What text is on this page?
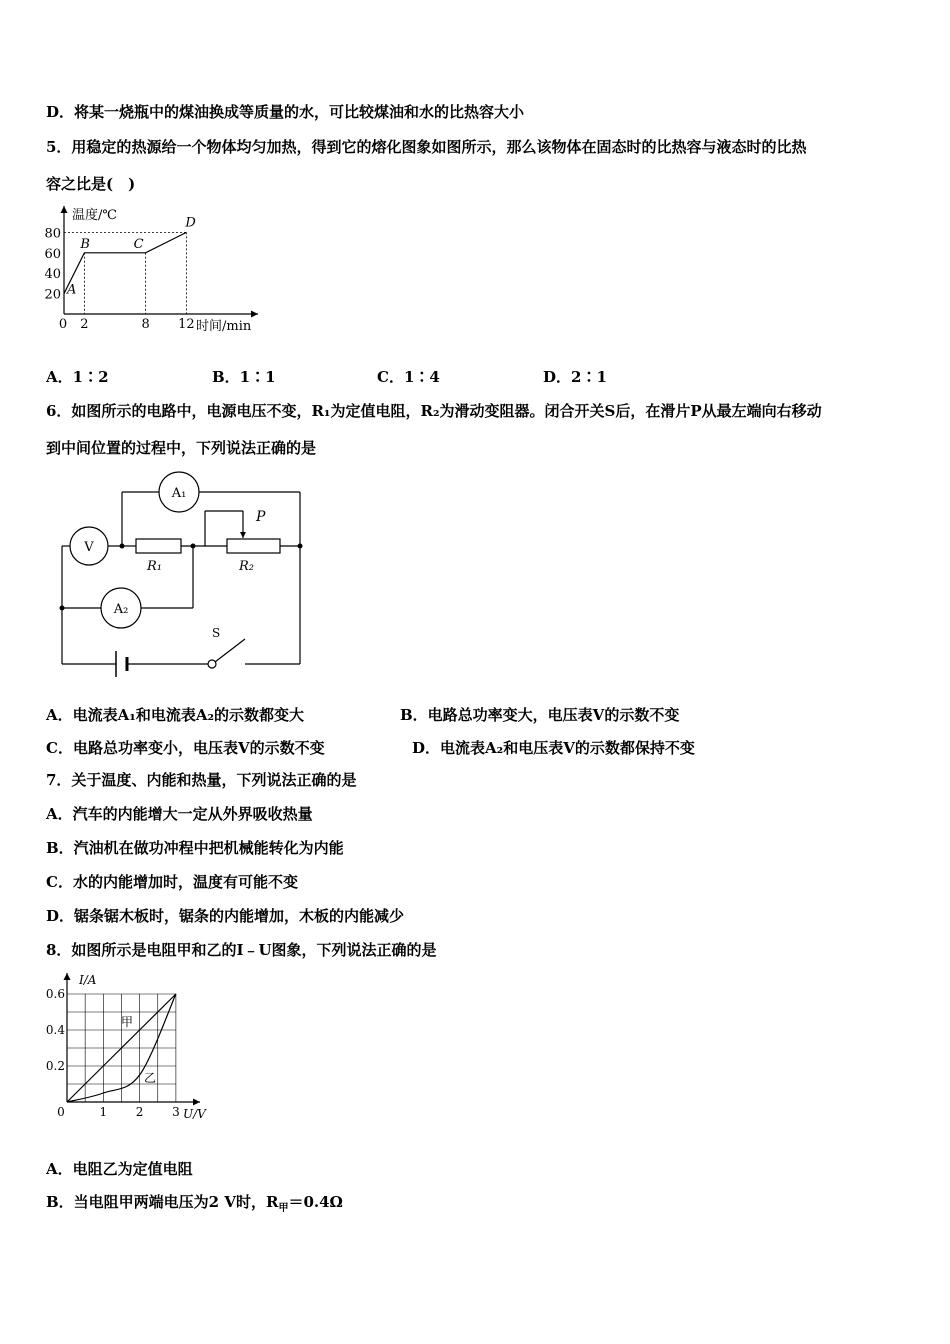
D．将某一烧瓶中的煤油换成等质量的水，可比较煤油和水的比热容大小
5．用稳定的热源给一个物体均匀加热，得到它的熔化图象如图所示，那么该物体在固态时的比热容与液态时的比热
容之比是(　)
温度/℃
时间/min
80
60
40
20
0 2	8 12
A
B	C
D
A．1∶2	B．1∶1	C．1∶4	D．2∶1
6．如图所示的电路中，电源电压不变，R₁为定值电阻，R₂为滑动变阻器。闭合开关S后，在滑片P从最左端向右移动
到中间位置的过程中，下列说法正确的是
A₁
V
A₂
P
R₁	R₂
S
A．电流表A₁和电流表A₂的示数都变大	B．电路总功率变大，电压表V的示数不变
C．电路总功率变小，电压表V的示数不变	D．电流表A₂和电压表V的示数都保持不变
7．关于温度、内能和热量，下列说法正确的是
A．汽车的内能增大一定从外界吸收热量
B．汽油机在做功冲程中把机械能转化为内能
C．水的内能增加时，温度有可能不变
D．锯条锯木板时，锯条的内能增加，木板的内能减少
8．如图所示是电阻甲和乙的I﹣U图象，下列说法正确的是
I/A
U/V
甲
乙
0.6
0.4
0.2
0	1 2 3
A．电阻乙为定值电阻
B．当电阻甲两端电压为2 V时，$R_甲=0.4\Omega$
